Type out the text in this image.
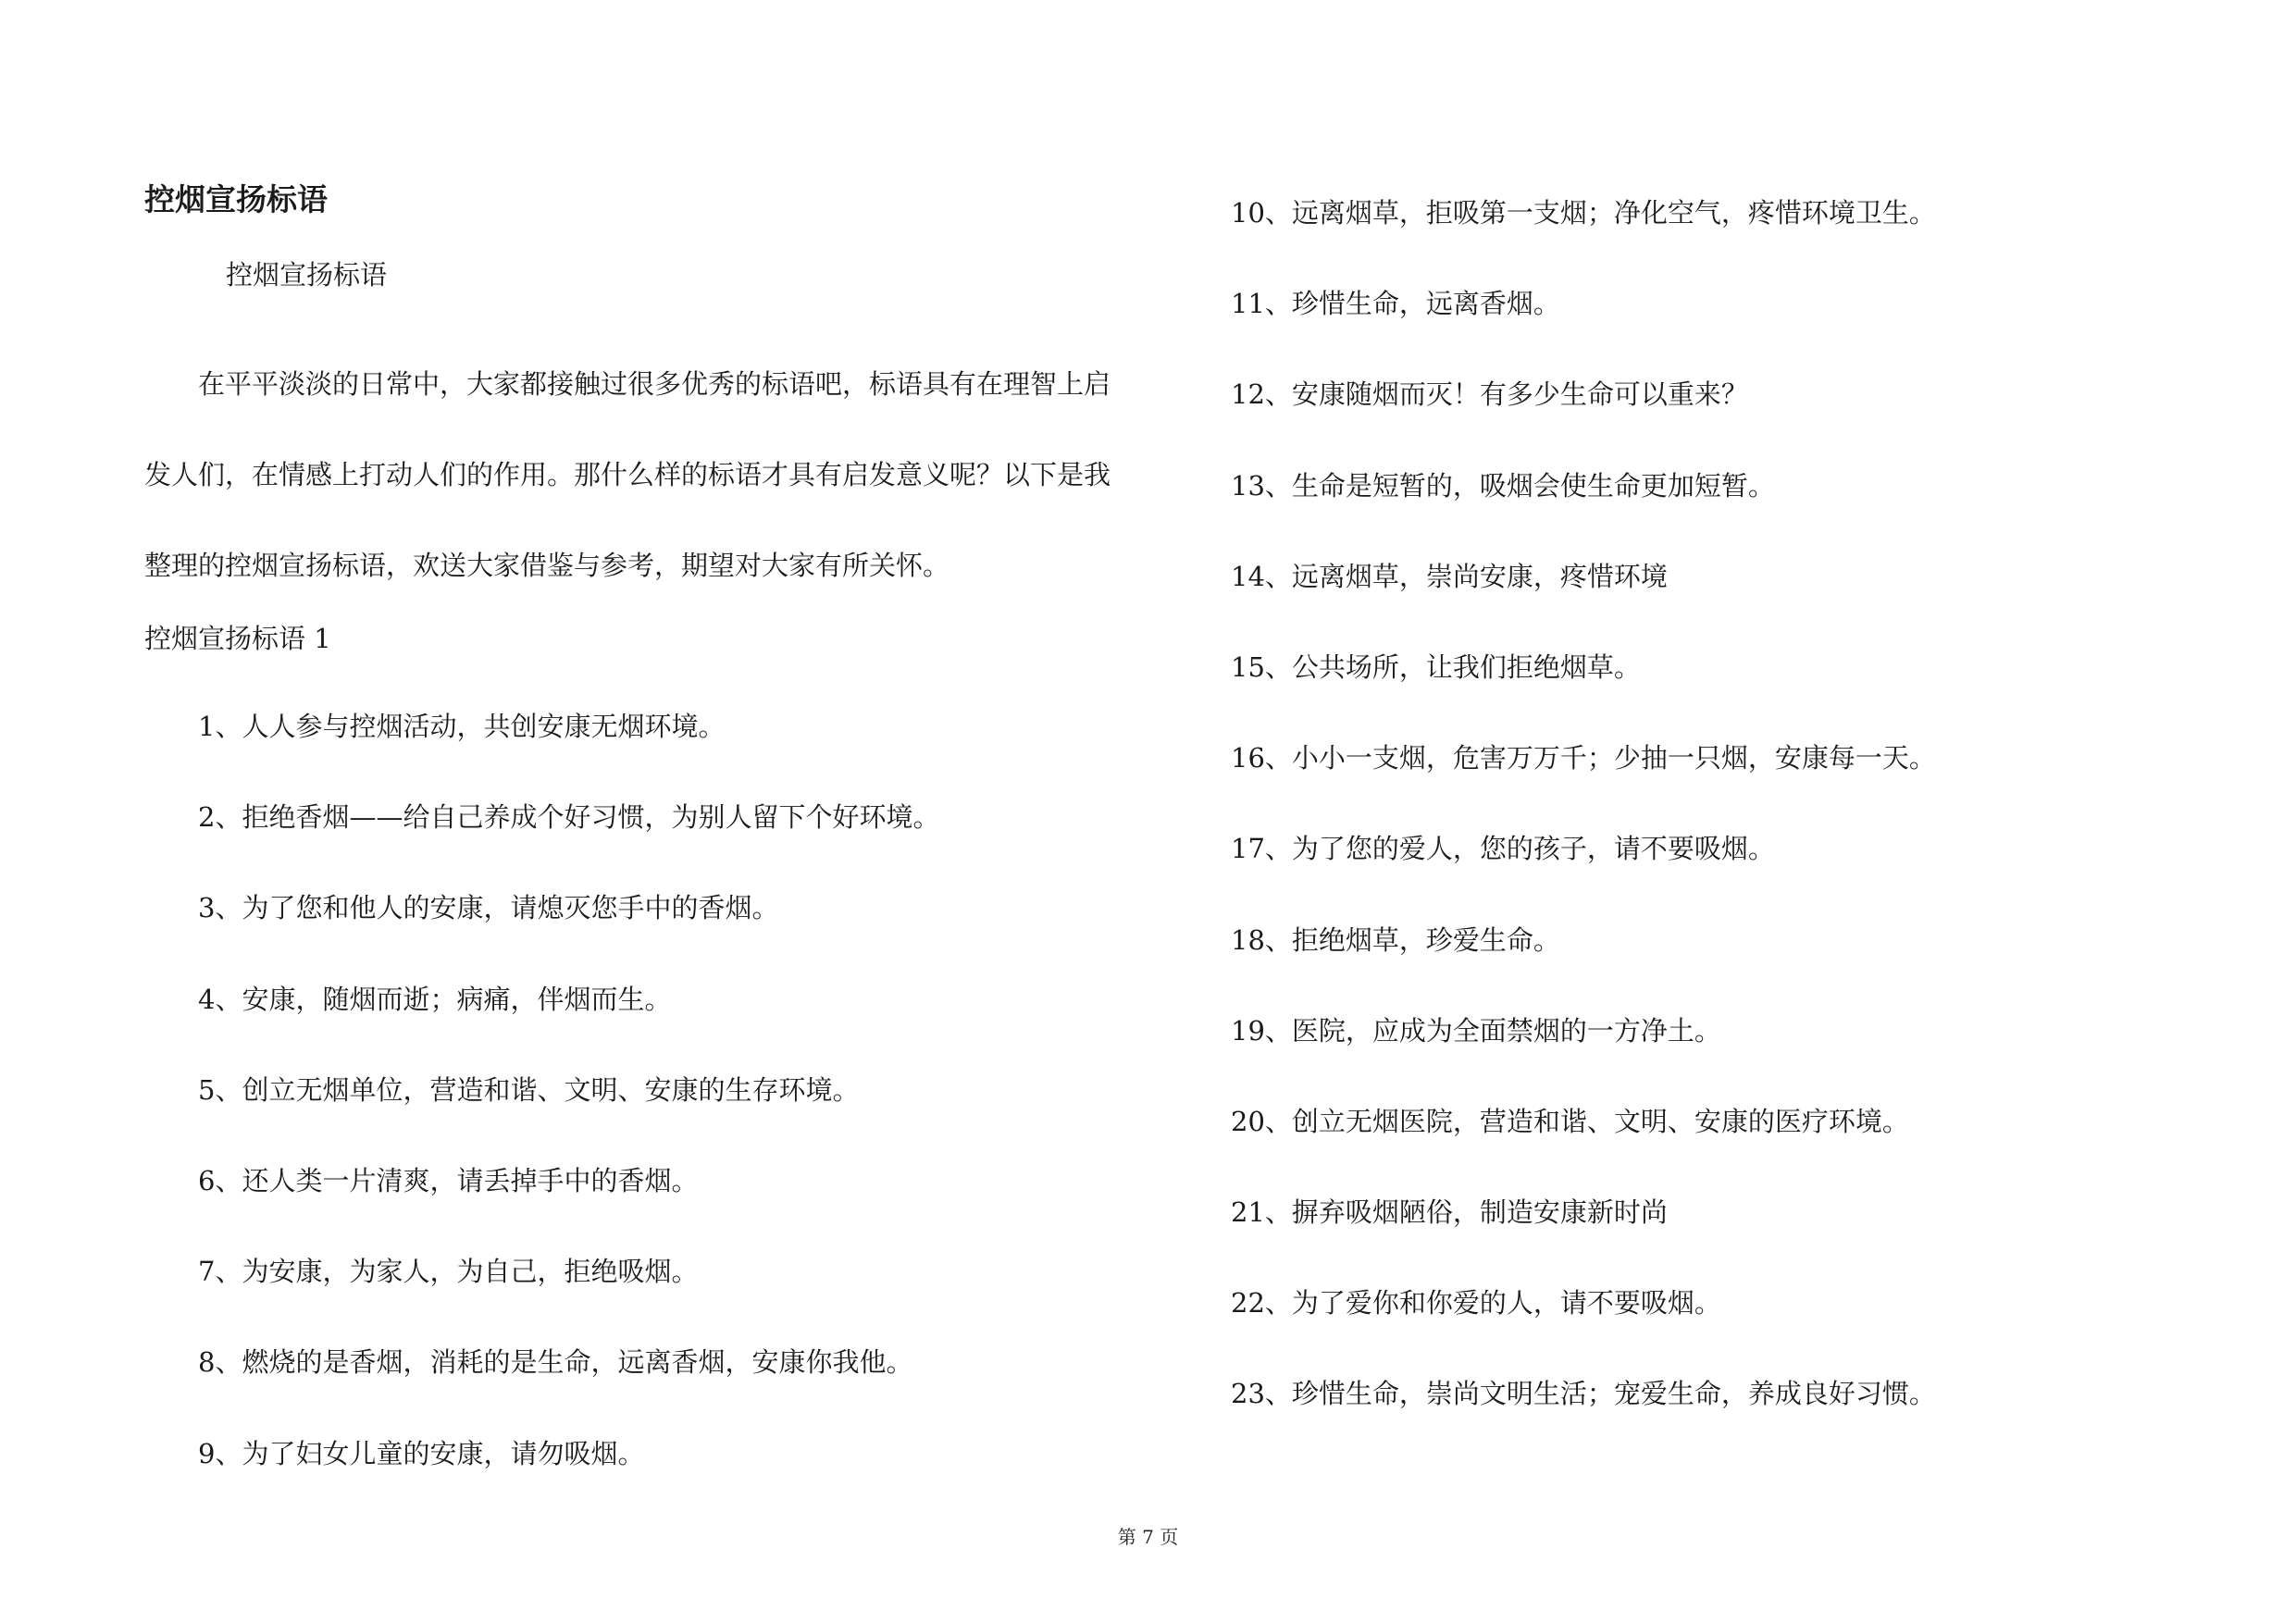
控烟宣扬标语
控烟宣扬标语

在平平淡淡的日常中，大家都接触过很多优秀的标语吧，标语具有在理智上启发人们，在情感上打动人们的作用。那什么样的标语才具有启发意义呢？以下是我整理的控烟宣扬标语，欢送大家借鉴与参考，期望对大家有所关怀。

控烟宣扬标语 1
1、人人参与控烟活动，共创安康无烟环境。
2、拒绝香烟——给自己养成个好习惯，为别人留下个好环境。
3、为了您和他人的安康，请熄灭您手中的香烟。
4、安康，随烟而逝；病痛，伴烟而生。
5、创立无烟单位，营造和谐、文明、安康的生存环境。
6、还人类一片清爽，请丢掉手中的香烟。
7、为安康，为家人，为自己，拒绝吸烟。
8、燃烧的是香烟，消耗的是生命，远离香烟，安康你我他。
9、为了妇女儿童的安康，请勿吸烟。
10、远离烟草，拒吸第一支烟；净化空气，疼惜环境卫生。
11、珍惜生命，远离香烟。
12、安康随烟而灭！有多少生命可以重来？
13、生命是短暂的，吸烟会使生命更加短暂。
14、远离烟草，崇尚安康，疼惜环境
15、公共场所，让我们拒绝烟草。
16、小小一支烟，危害万万千；少抽一只烟，安康每一天。
17、为了您的爱人，您的孩子，请不要吸烟。
18、拒绝烟草，珍爱生命。
19、医院，应成为全面禁烟的一方净土。
20、创立无烟医院，营造和谐、文明、安康的医疗环境。
21、摒弃吸烟陋俗，制造安康新时尚
22、为了爱你和你爱的人，请不要吸烟。
23、珍惜生命，崇尚文明生活；宠爱生命，养成良好习惯。
第 7 页
